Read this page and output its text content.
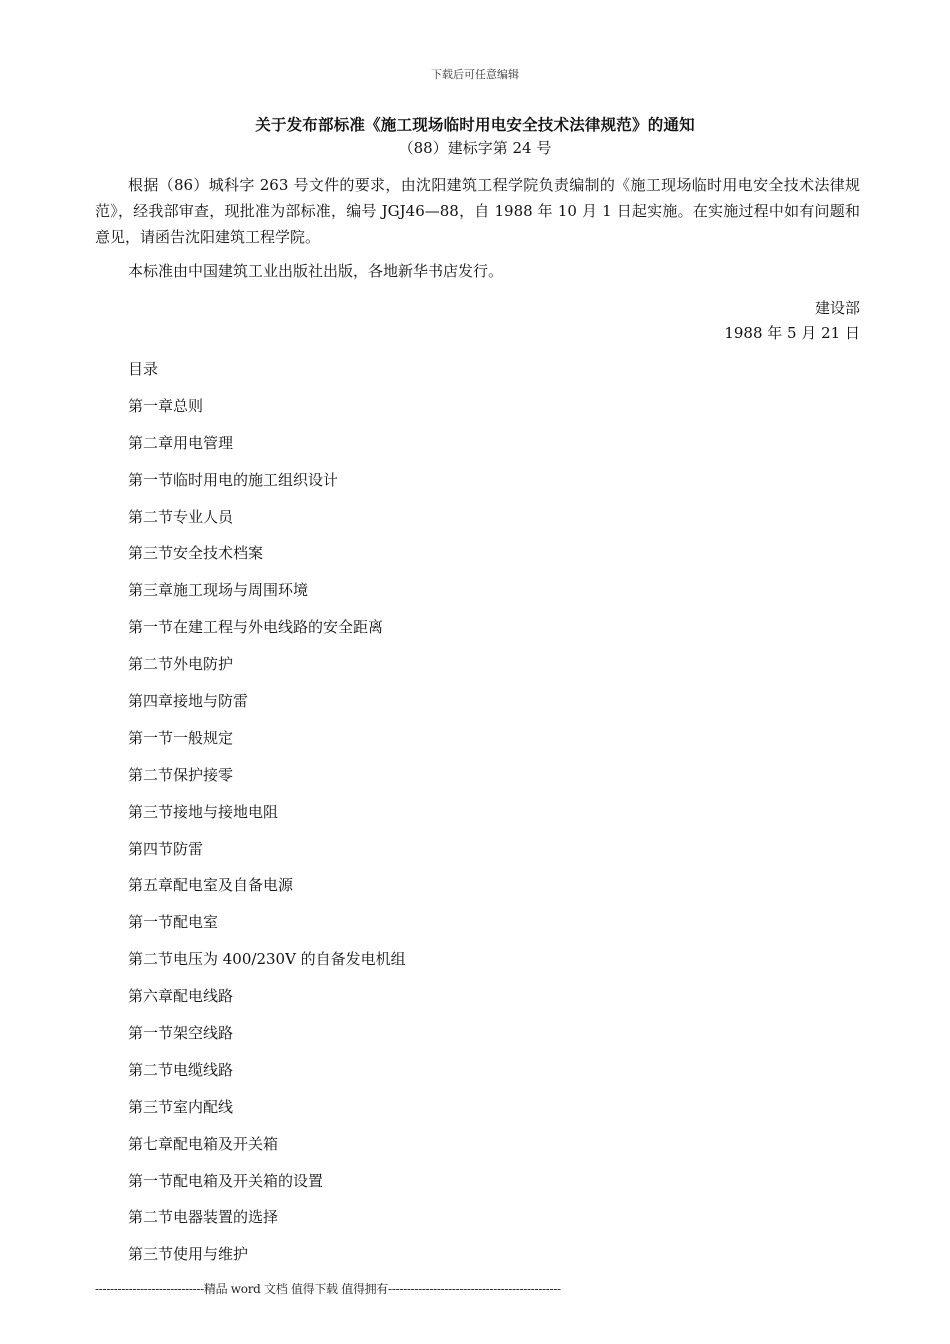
下载后可任意编辑
关于发布部标准《施工现场临时用电安全技术法律规范》的通知
（88）建标字第 24 号

根据（86）城科字 263 号文件的要求，由沈阳建筑工程学院负责编制的《施工现场临时用电安全技术法律规范》，经我部审查，现批准为部标准，编号 JGJ46—88，自 1988 年 10 月 1 日起实施。在实施过程中如有问题和意见，请函告沈阳建筑工程学院。

本标准由中国建筑工业出版社出版，各地新华书店发行。

建设部
1988 年 5 月 21 日
目录
第一章总则
第二章用电管理
第一节临时用电的施工组织设计
第二节专业人员
第三节安全技术档案
第三章施工现场与周围环境
第一节在建工程与外电线路的安全距离
第二节外电防护
第四章接地与防雷
第一节一般规定
第二节保护接零
第三节接地与接地电阻
第四节防雷
第五章配电室及自备电源
第一节配电室
第二节电压为 400/230V 的自备发电机组
第六章配电线路
第一节架空线路
第二节电缆线路
第三节室内配线
第七章配电箱及开关箱
第一节配电箱及开关箱的设置
第二节电器装置的选择
第三节使用与维护
-----------------------------精品 word 文档 值得下载 值得拥有----------------------------------------------
